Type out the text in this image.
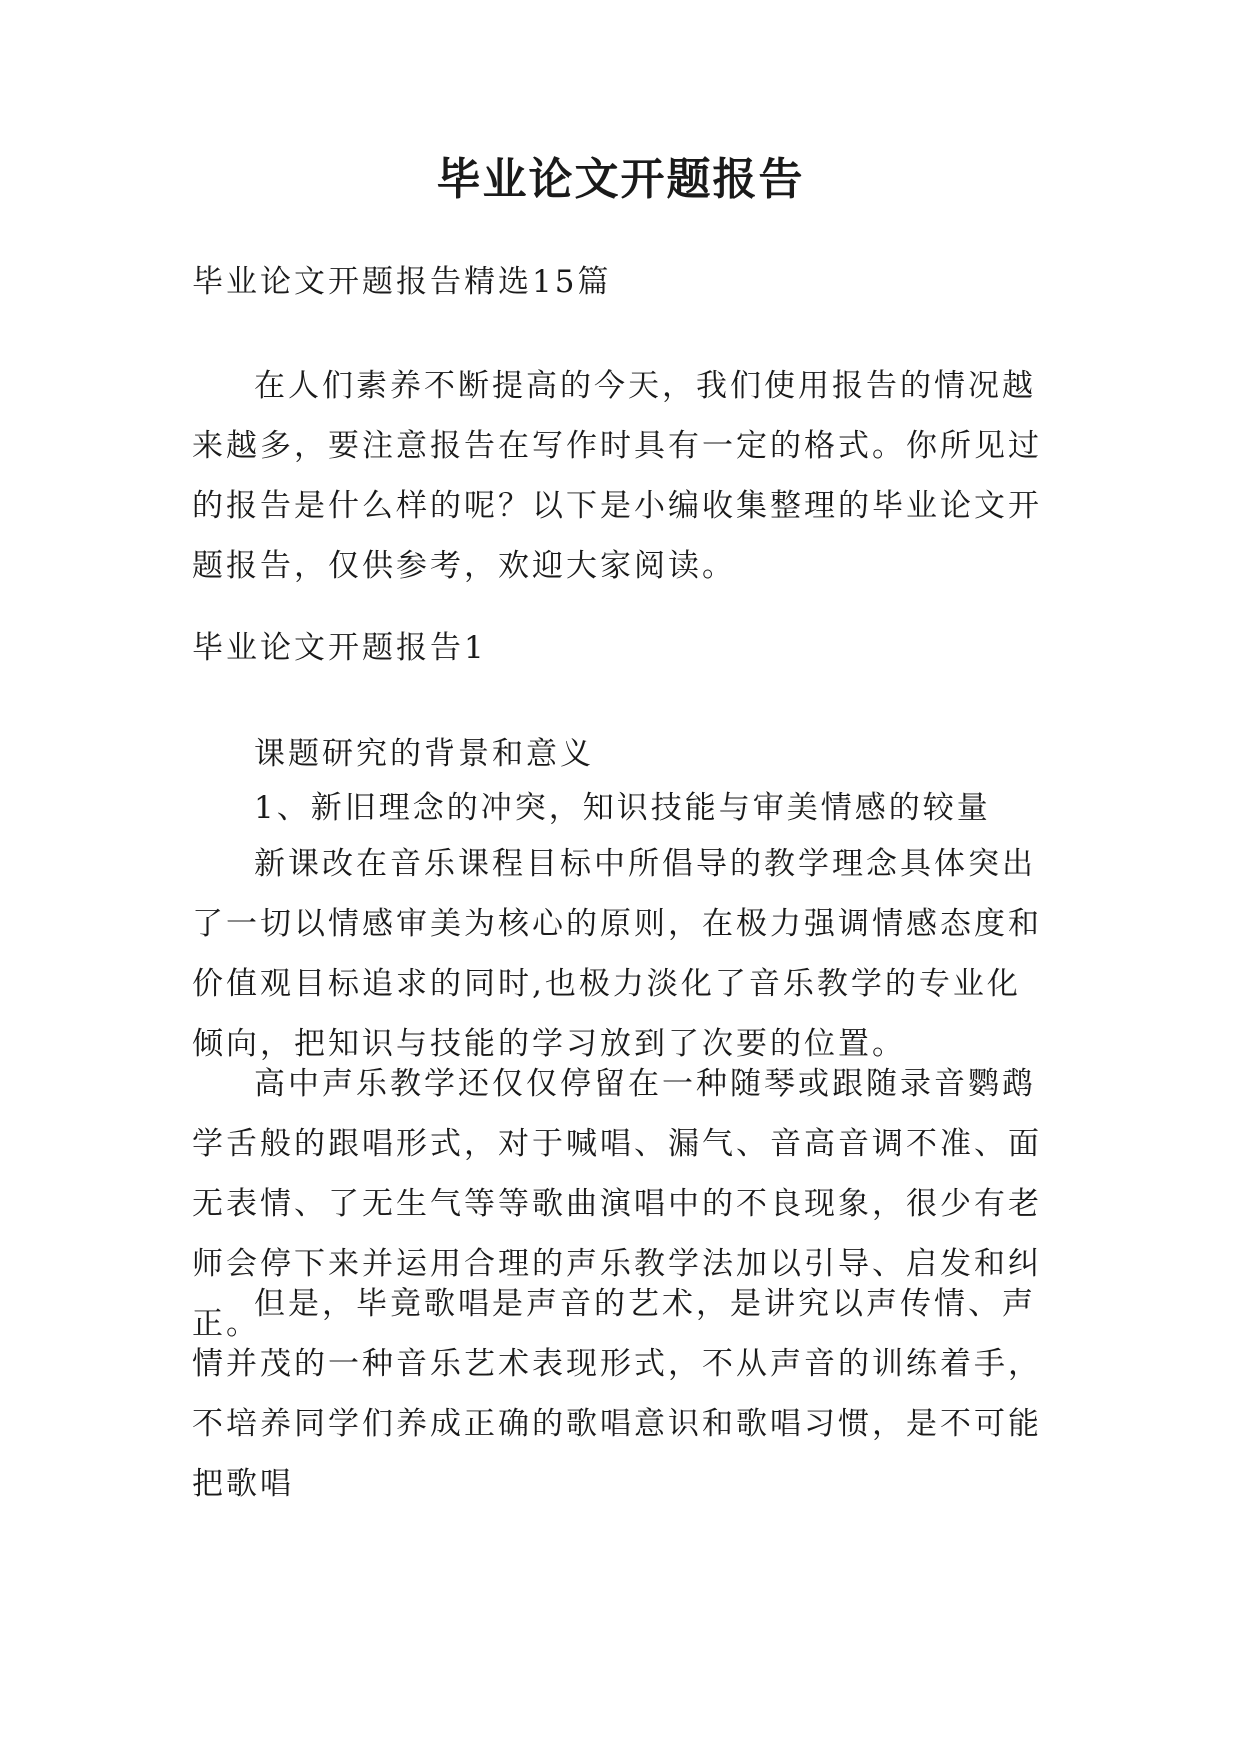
毕业论文开题报告

毕业论文开题报告精选15篇

在人们素养不断提高的今天，我们使用报告的情况越来越多，要注意报告在写作时具有一定的格式。你所见过的报告是什么样的呢？以下是小编收集整理的毕业论文开题报告，仅供参考，欢迎大家阅读。

毕业论文开题报告1

课题研究的背景和意义

1、新旧理念的冲突，知识技能与审美情感的较量

新课改在音乐课程目标中所倡导的教学理念具体突出了一切以情感审美为核心的原则，在极力强调情感态度和价值观目标追求的同时,也极力淡化了音乐教学的专业化倾向，把知识与技能的学习放到了次要的位置。

高中声乐教学还仅仅停留在一种随琴或跟随录音鹦鹉学舌般的跟唱形式，对于喊唱、漏气、音高音调不准、面无表情、了无生气等等歌曲演唱中的不良现象，很少有老师会停下来并运用合理的声乐教学法加以引导、启发和纠正。

但是，毕竟歌唱是声音的艺术，是讲究以声传情、声情并茂的一种音乐艺术表现形式，不从声音的训练着手，不培养同学们养成正确的歌唱意识和歌唱习惯，是不可能把歌唱
